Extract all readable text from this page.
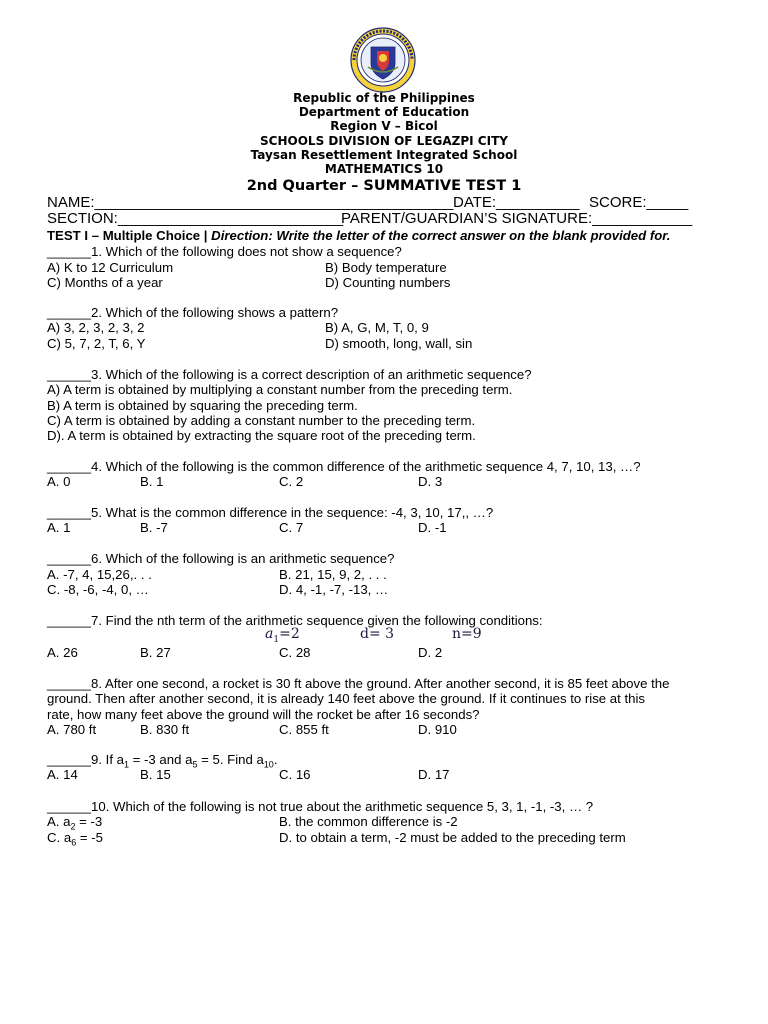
Republic of the Philippines
Department of Education
Region V – Bicol
SCHOOLS DIVISION OF LEGAZPI CITY
Taysan Resettlement Integrated School
MATHEMATICS 10
2nd Quarter – SUMMATIVE TEST 1
NAME:___________________________________________ DATE:__________ SCORE:_____
SECTION:___________________________
PARENT/GUARDIAN’S SIGNATURE:____________
TEST I – Multiple Choice | Direction: Write the letter of the correct answer on the blank provided for.
______1. Which of the following does not show a sequence?
A) K to 12 Curriculum	B) Body temperature
C) Months of a year	D) Counting numbers
______2. Which of the following shows a pattern?
A) 3, 2, 3, 2, 3, 2	B) A, G, M, T, 0, 9
C) 5, 7, 2, T, 6, Y	D) smooth, long, wall, sin
______3. Which of the following is a correct description of an arithmetic sequence?
A) A term is obtained by multiplying a constant number from the preceding term.
B) A term is obtained by squaring the preceding term.
C) A term is obtained by adding a constant number to the preceding term.
D). A term is obtained by extracting the square root of the preceding term.
______4. Which of the following is the common difference of the arithmetic sequence 4, 7, 10, 13, …?
A. 0	B. 1	C. 2	D. 3
______5. What is the common difference in the sequence: -4, 3, 10, 17,, …?
A. 1	B. -7	C. 7	D. -1
______6. Which of the following is an arithmetic sequence?
A. -7, 4, 15,26,. . .	B. 21, 15, 9, 2, . . .
C. -8, -6, -4, 0, …	D. 4, -1, -7, -13, …
______7. Find the nth term of the arithmetic sequence given the following conditions:
$a_1=2$	d= 3	n=9
A. 26	B. 27	C. 28	D. 2
______8. After one second, a rocket is 30 ft above the ground. After another second, it is 85 feet above the
ground. Then after another second, it is already 140 feet above the ground. If it continues to rise at this
rate, how many feet above the ground will the rocket be after 16 seconds?
A. 780 ft	B. 830 ft	C. 855 ft	D. 910
______9. If $a_1 = -3$ and $a_5 = 5$. Find $a_{10}$.
A. 14	B. 15	C. 16	D. 17
______10. Which of the following is not true about the arithmetic sequence 5, 3, 1, -1, -3, … ?
A. $a_2 = -3$	B. the common difference is -2
C. $a_6 = -5$	D. to obtain a term, -2 must be added to the preceding term
